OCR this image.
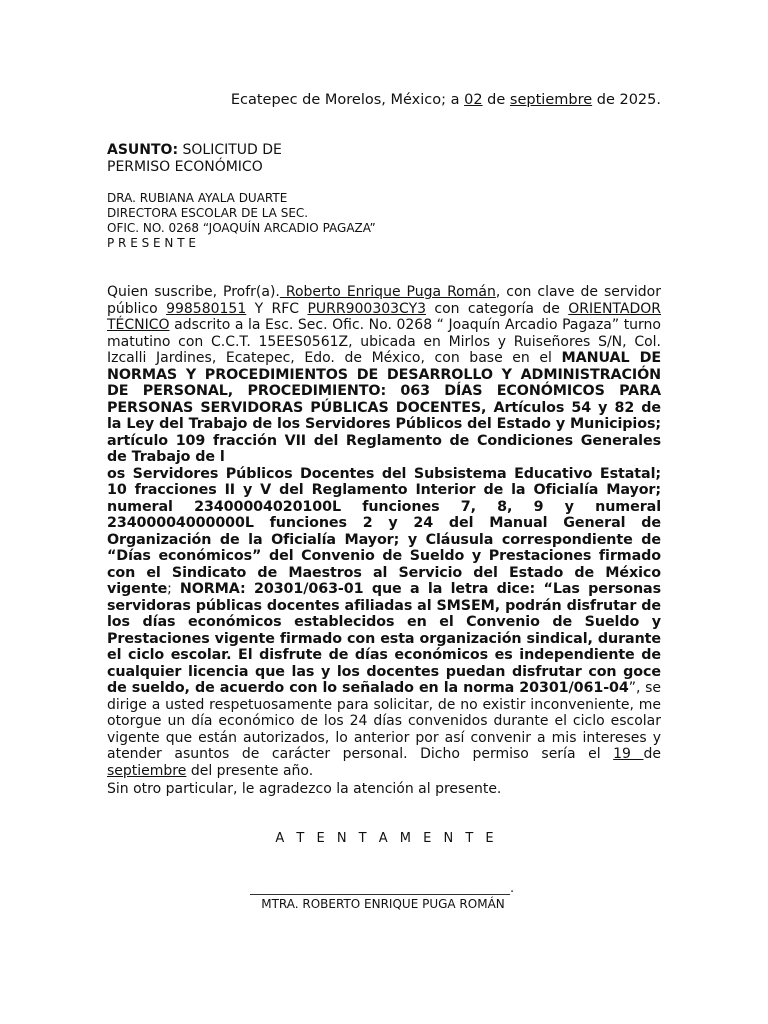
Ecatepec de Morelos, México; a 02 de septiembre de 2025.
ASUNTO: SOLICITUD DE
PERMISO ECONÓMICO
DRA. RUBIANA AYALA DUARTE
DIRECTORA ESCOLAR DE LA SEC.
OFIC. NO. 0268 “JOAQUÍN ARCADIO PAGAZA”
P R E S E N T E

Quien suscribe, Profr(a). Roberto Enrique Puga Román, con clave de servidor público 998580151 Y RFC PURR900303CY3 con categoría de ORIENTADOR TÉCNICO adscrito a la Esc. Sec. Ofic. No. 0268 “ Joaquín Arcadio Pagaza” turno matutino con C.C.T. 15EES0561Z, ubicada en Mirlos y Ruiseñores S/N, Col. Izcalli Jardines, Ecatepec, Edo. de México, con base en el MANUAL DE NORMAS Y PROCEDIMIENTOS DE DESARROLLO Y ADMINISTRACIÓN DE PERSONAL, PROCEDIMIENTO: 063 DÍAS ECONÓMICOS PARA PERSONAS SERVIDORAS PÚBLICAS DOCENTES, Artículos 54 y 82 de la Ley del Trabajo de los Servidores Públicos del Estado y Municipios; artículo 109 fracción VII del Reglamento de Condiciones Generales de Trabajo de l
os Servidores Públicos Docentes del Subsistema Educativo Estatal; 10 fracciones II y V del Reglamento Interior de la Oficialía Mayor; numeral 23400004020100L funciones 7, 8, 9 y numeral 23400004000000L funciones 2 y 24 del Manual General de Organización de la Oficialía Mayor; y Cláusula correspondiente de “Días económicos” del Convenio de Sueldo y Prestaciones firmado con el Sindicato de Maestros al Servicio del Estado de México vigente; NORMA: 20301/063-01 que a la letra dice: “Las personas servidoras públicas docentes afiliadas al SMSEM, podrán disfrutar de los días económicos establecidos en el Convenio de Sueldo y Prestaciones vigente firmado con esta organización sindical, durante el ciclo escolar. El disfrute de días económicos es independiente de cualquier licencia que las y los docentes puedan disfrutar con goce de sueldo, de acuerdo con lo señalado en la norma 20301/061-04”, se dirige a usted respetuosamente para solicitar, de no existir inconveniente, me otorgue un día económico de los 24 días convenidos durante el ciclo escolar vigente que están autorizados, lo anterior por así convenir a mis intereses y atender asuntos de carácter personal. Dicho permiso sería el 19 de septiembre del presente año.

Sin otro particular, le agradezco la atención al presente.
A T E N T A M E N T E
________________________________________.
MTRA. ROBERTO ENRIQUE PUGA ROMÁN
